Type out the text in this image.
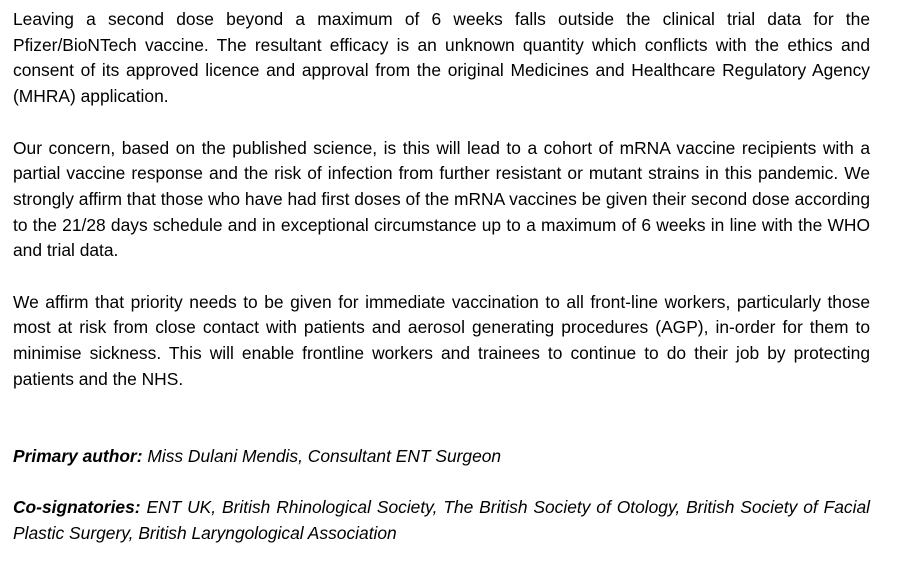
Leaving a second dose beyond a maximum of 6 weeks falls outside the clinical trial data for the Pfizer/BioNTech vaccine. The resultant efficacy is an unknown quantity which conflicts with the ethics and consent of its approved licence and approval from the original Medicines and Healthcare Regulatory Agency (MHRA) application.

Our concern, based on the published science, is this will lead to a cohort of mRNA vaccine recipients with a partial vaccine response and the risk of infection from further resistant or mutant strains in this pandemic. We strongly affirm that those who have had first doses of the mRNA vaccines be given their second dose according to the 21/28 days schedule and in exceptional circumstance up to a maximum of 6 weeks in line with the WHO and trial data.

We affirm that priority needs to be given for immediate vaccination to all front-line workers, particularly those most at risk from close contact with patients and aerosol generating procedures (AGP), in-order for them to minimise sickness. This will enable frontline workers and trainees to continue to do their job by protecting patients and the NHS.

Primary author: Miss Dulani Mendis, Consultant ENT Surgeon

Co-signatories: ENT UK, British Rhinological Society, The British Society of Otology, British Society of Facial Plastic Surgery, British Laryngological Association
